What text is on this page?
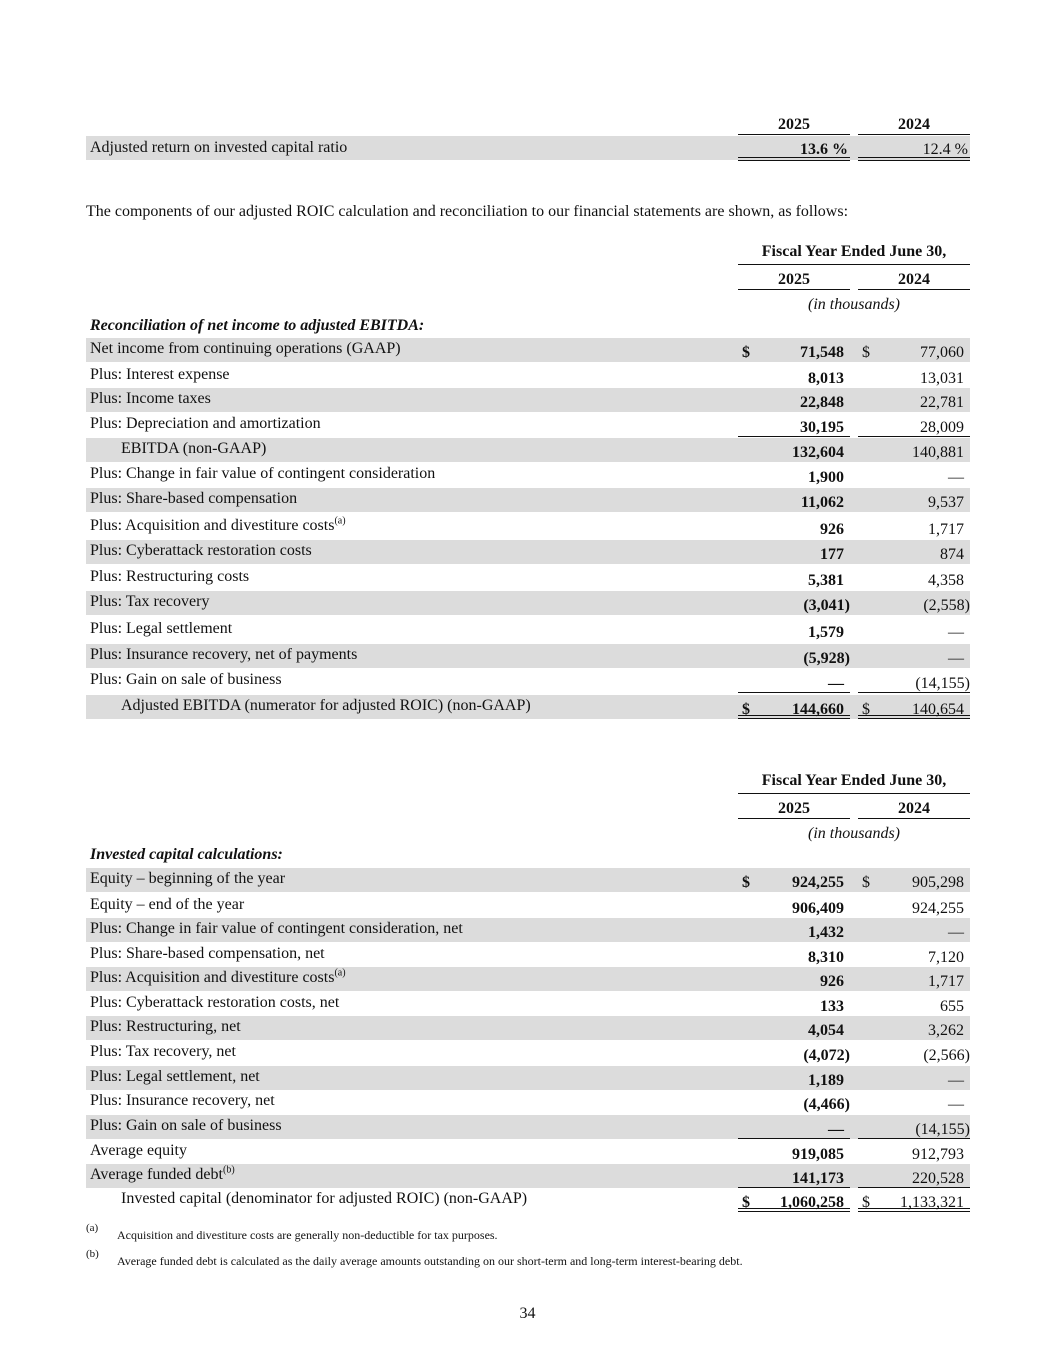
2025	2024
Adjusted return on invested capital ratio	13.6 %	12.4 %
The components of our adjusted ROIC calculation and reconciliation to our financial statements are shown, as follows:
Fiscal Year Ended June 30,
2025	2024
(in thousands)
Reconciliation of net income to adjusted EBITDA:
Net income from continuing operations (GAAP)	$	71,548 $	77,060
Plus: Interest expense	8,013	13,031
Plus: Income taxes	22,848	22,781
Plus: Depreciation and amortization	30,195	28,009
EBITDA (non-GAAP)	132,604	140,881
Plus: Change in fair value of contingent consideration	1,900	—
Plus: Share-based compensation	11,062	9,537
Plus: Acquisition and divestiture costs$^{(a)}$	926	1,717
Plus: Cyberattack restoration costs	177	874
Plus: Restructuring costs	5,381	4,358
Plus: Tax recovery	(3,041)	(2,558)
Plus: Legal settlement	1,579	—
Plus: Insurance recovery, net of payments	(5,928)	—
Plus: Gain on sale of business	—	(14,155)
Adjusted EBITDA (numerator for adjusted ROIC) (non-GAAP)	$	144,660 $	140,654
Fiscal Year Ended June 30,
2025	2024
(in thousands)
Invested capital calculations:
Equity – beginning of the year	$	924,255 $	905,298
Equity – end of the year	906,409	924,255
Plus: Change in fair value of contingent consideration, net	1,432	—
Plus: Share-based compensation, net	8,310	7,120
Plus: Acquisition and divestiture costs$^{(a)}$	926	1,717
Plus: Cyberattack restoration costs, net	133	655
Plus: Restructuring, net	4,054	3,262
Plus: Tax recovery, net	(4,072)	(2,566)
Plus: Legal settlement, net	1,189	—
Plus: Insurance recovery, net	(4,466)	—
Plus: Gain on sale of business	—	(14,155)
Average equity	919,085	912,793
Average funded debt$^{(b)}$	141,173	220,528
Invested capital (denominator for adjusted ROIC) (non-GAAP)	$ 1,060,258 $ 1,133,321
(a) Acquisition and divestiture costs are generally non-deductible for tax purposes.
(b) Average funded debt is calculated as the daily average amounts outstanding on our short-term and long-term interest-bearing debt.
34
